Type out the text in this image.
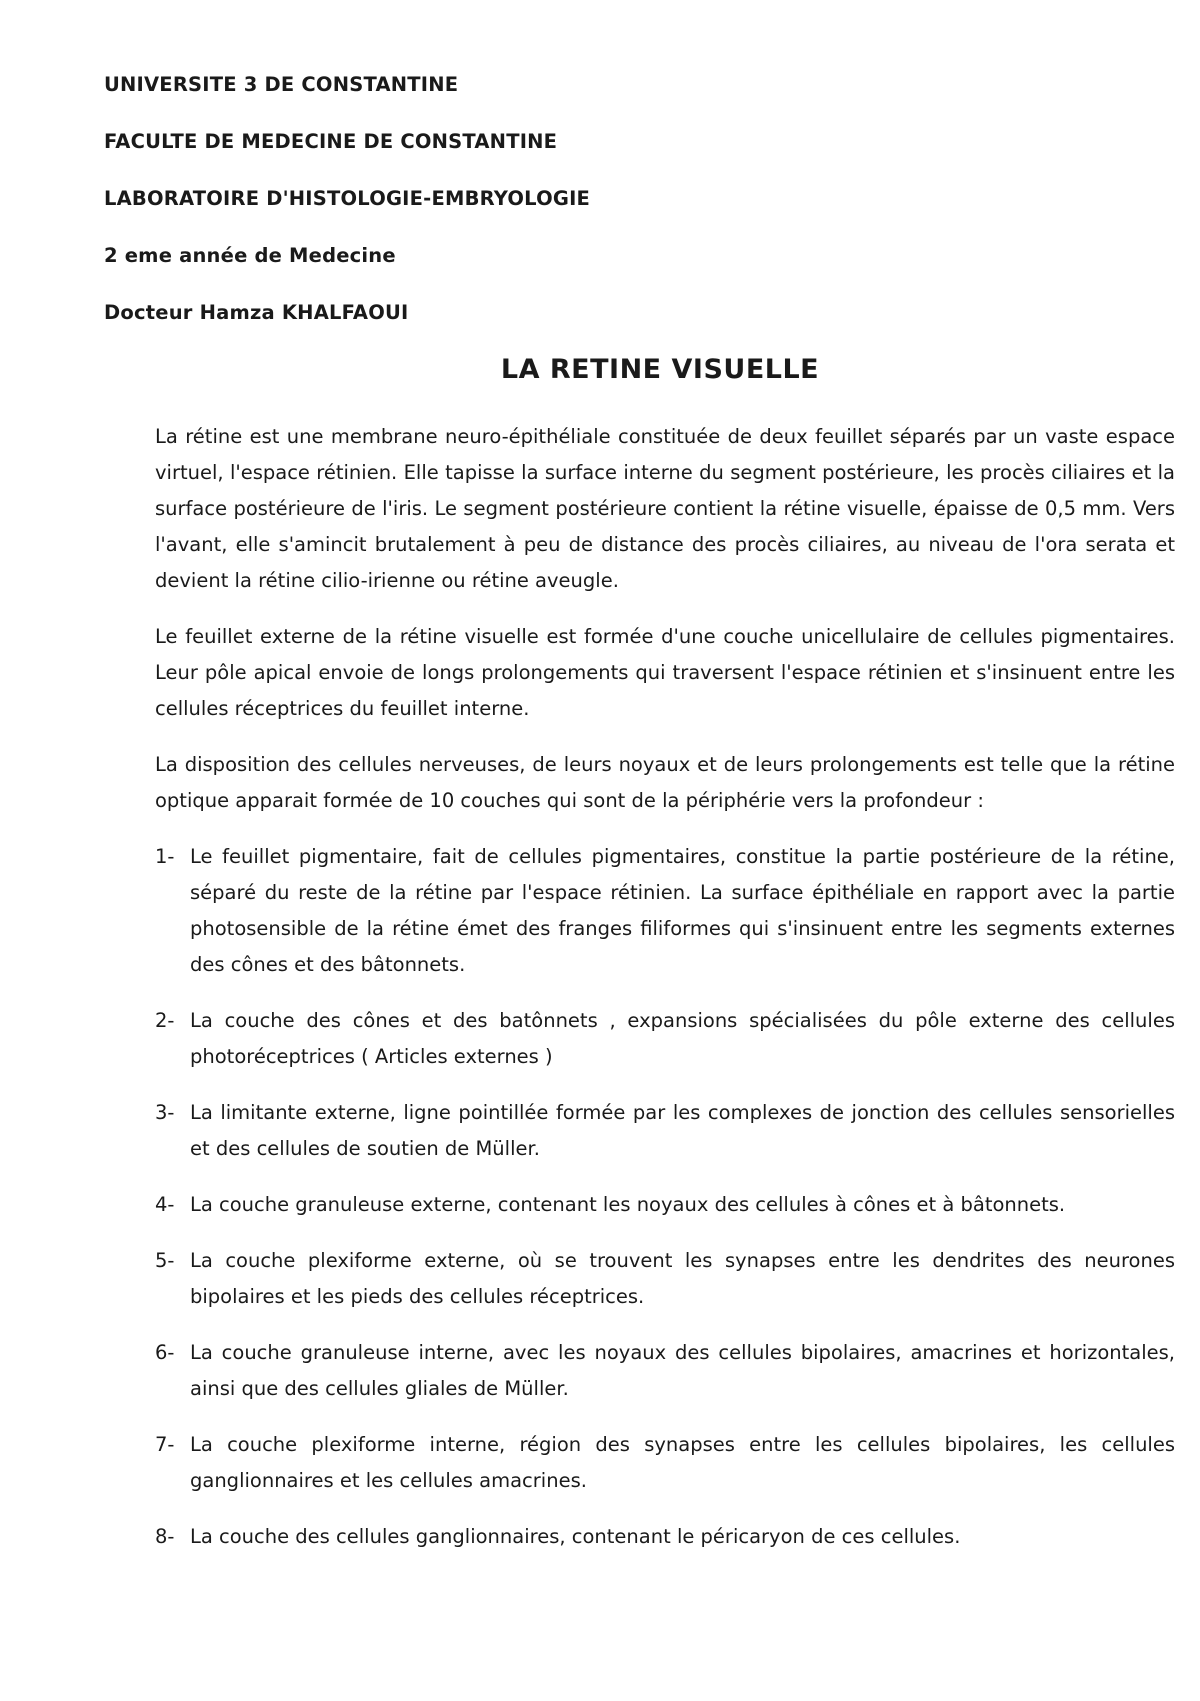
UNIVERSITE 3 DE CONSTANTINE
FACULTE DE MEDECINE DE CONSTANTINE
LABORATOIRE D'HISTOLOGIE-EMBRYOLOGIE
2 eme année de Medecine
Docteur Hamza KHALFAOUI
LA RETINE VISUELLE

La rétine est une membrane neuro-épithéliale constituée de deux feuillet séparés par un vaste espace virtuel, l'espace rétinien. Elle tapisse la surface interne du segment postérieure, les procès ciliaires et la surface postérieure de l'iris. Le segment postérieure contient la rétine visuelle, épaisse de 0,5 mm. Vers l'avant, elle s'amincit brutalement à peu de distance des procès ciliaires, au niveau de l'ora serata et devient la rétine cilio-irienne ou rétine aveugle.

Le feuillet externe de la rétine visuelle est formée d'une couche unicellulaire de cellules pigmentaires. Leur pôle apical envoie de longs prolongements qui traversent l'espace rétinien et s'insinuent entre les cellules réceptrices du feuillet interne.

La disposition des cellules nerveuses, de leurs noyaux et de leurs prolongements est telle que la rétine optique apparait formée de 10 couches qui sont de la périphérie vers la profondeur :

1- Le feuillet pigmentaire, fait de cellules pigmentaires, constitue la partie postérieure de la rétine, séparé du reste de la rétine par l'espace rétinien. La surface épithéliale en rapport avec la partie photosensible de la rétine émet des franges filiformes qui s'insinuent entre les segments externes des cônes et des bâtonnets.
2- La couche des cônes et des batônnets , expansions spécialisées du pôle externe des cellules photoréceptrices ( Articles externes )
3- La limitante externe, ligne pointillée formée par les complexes de jonction des cellules sensorielles et des cellules de soutien de Müller.
4- La couche granuleuse externe, contenant les noyaux des cellules à cônes et à bâtonnets.
5- La couche plexiforme externe, où se trouvent les synapses entre les dendrites des neurones bipolaires et les pieds des cellules réceptrices.
6- La couche granuleuse interne, avec les noyaux des cellules bipolaires, amacrines et horizontales, ainsi que des cellules gliales de Müller.
7- La couche plexiforme interne, région des synapses entre les cellules bipolaires, les cellules ganglionnaires et les cellules amacrines.
8- La couche des cellules ganglionnaires, contenant le péricaryon de ces cellules.
